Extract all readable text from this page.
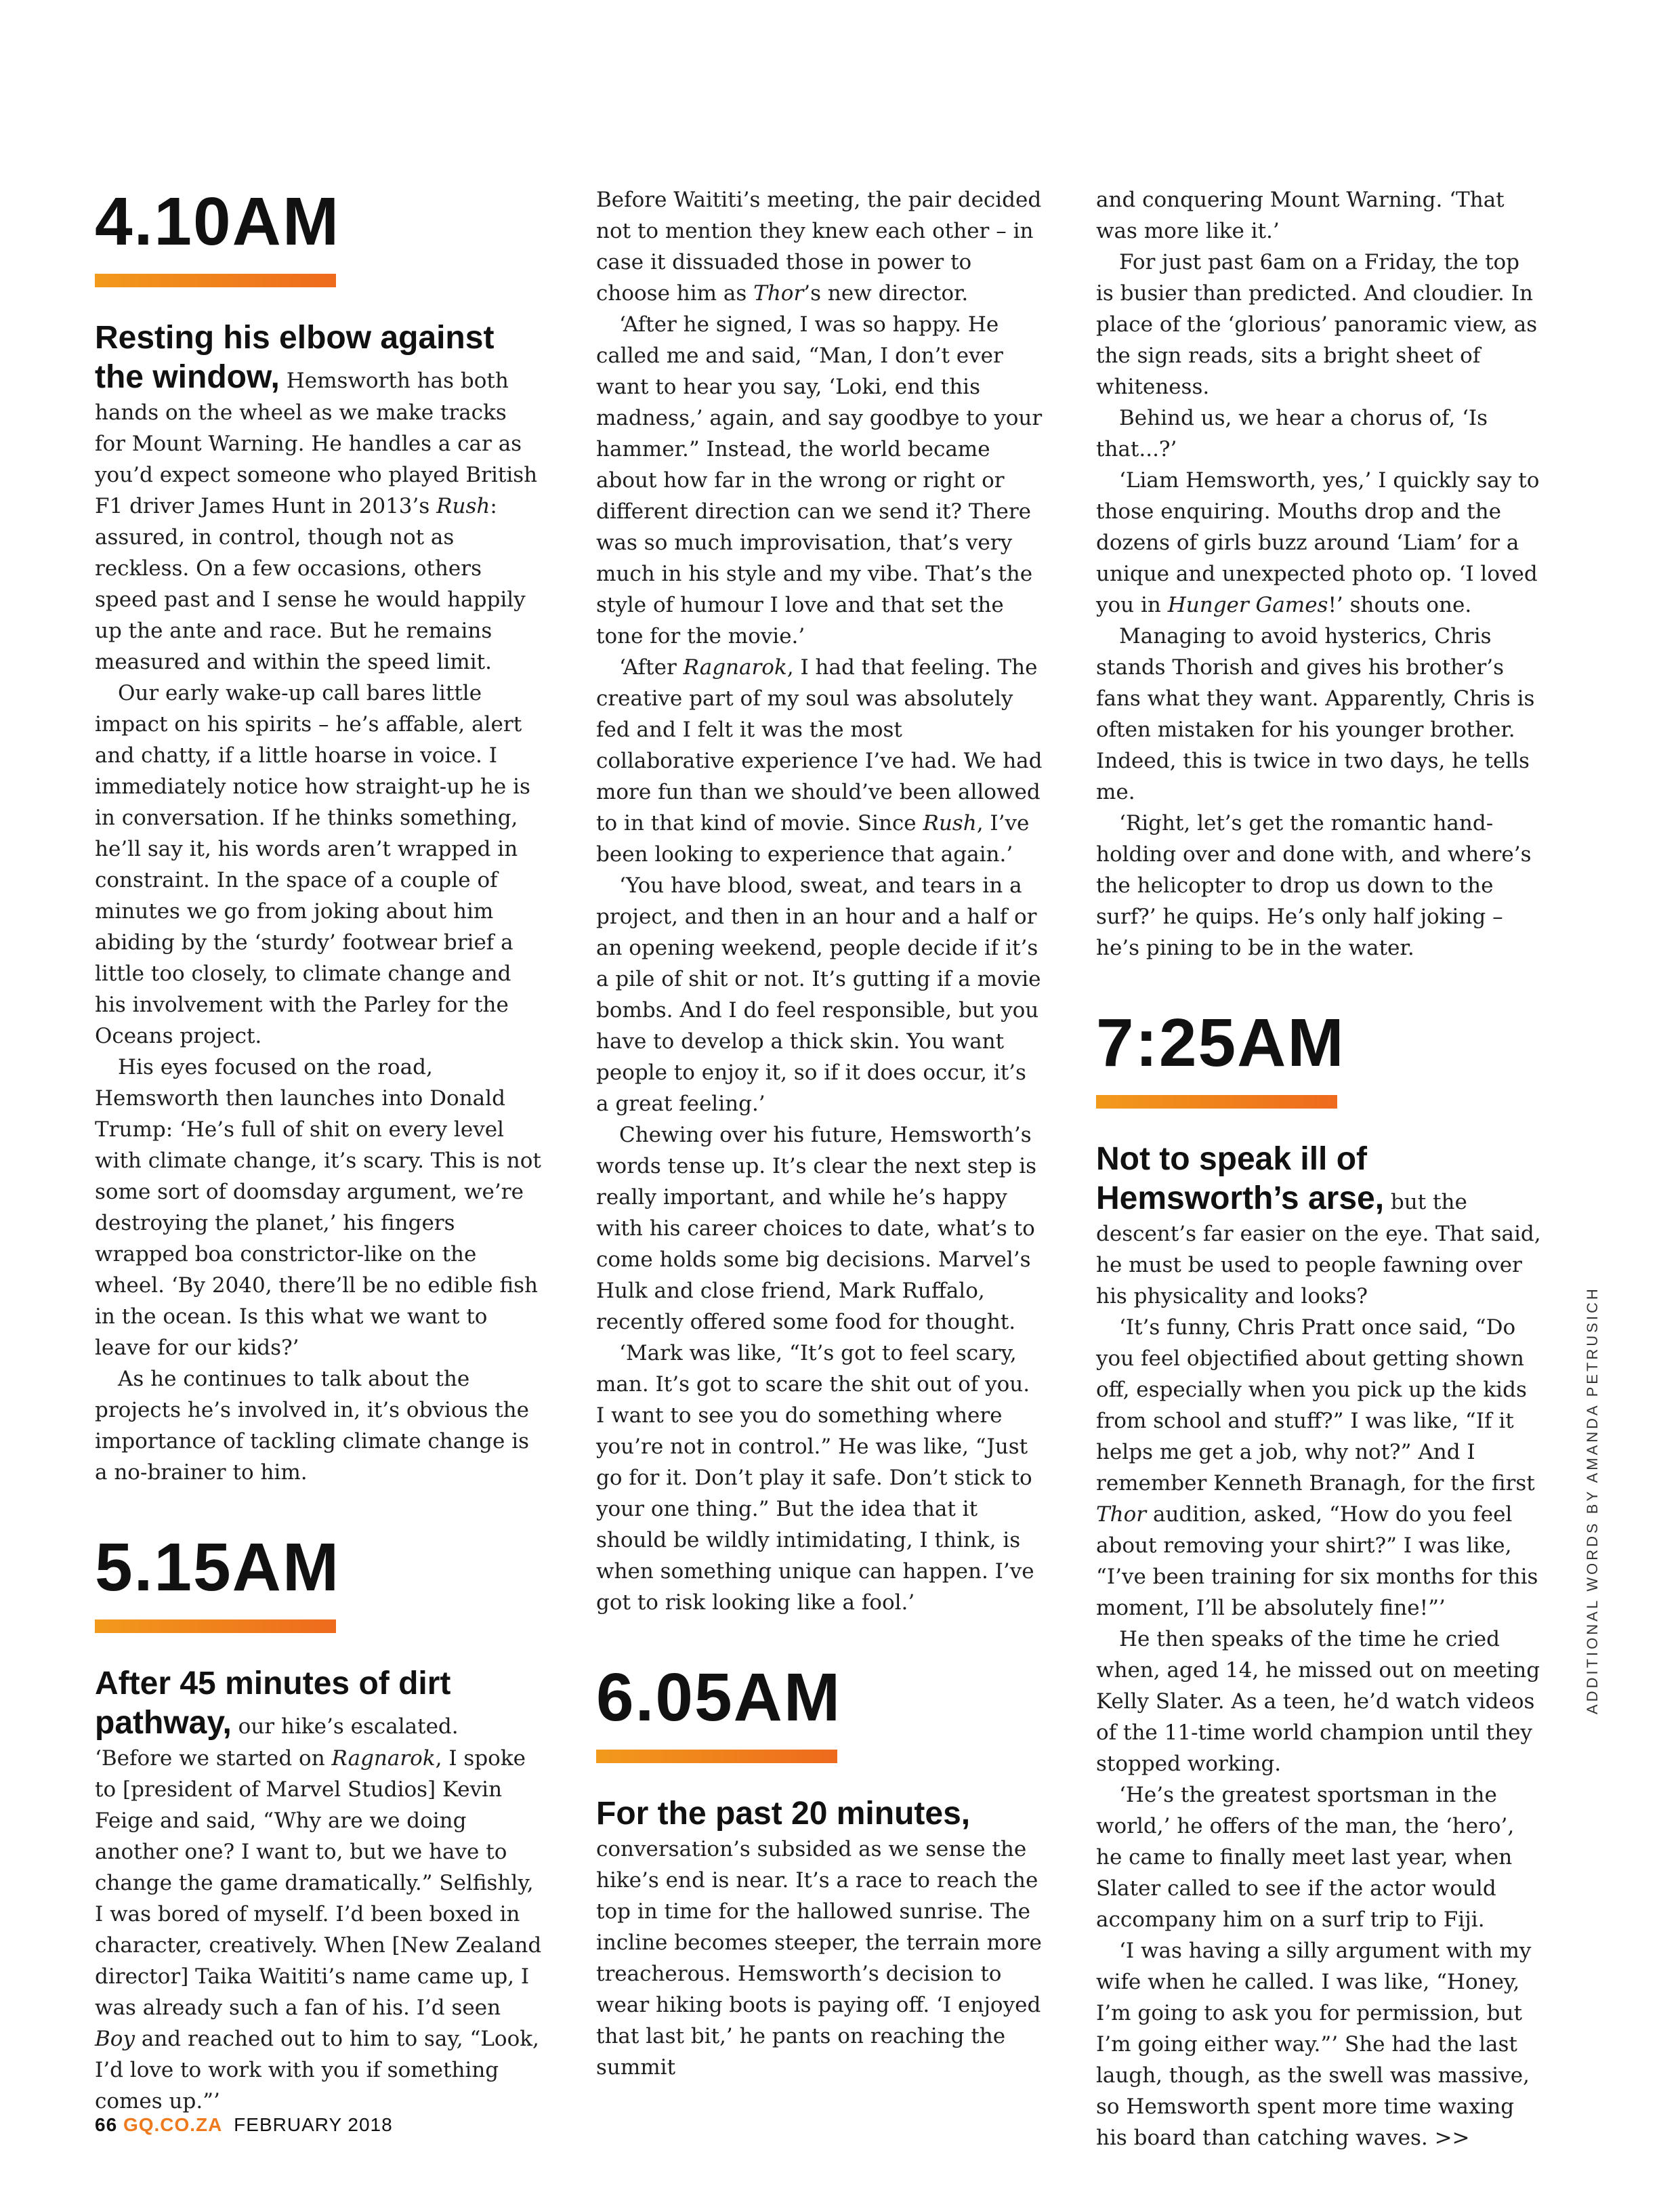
4.10AM

Resting his elbow against the window, Hemsworth has both hands on the wheel as we make tracks for Mount Warning. He handles a car as you’d expect someone who played British F1 driver James Hunt in 2013’s Rush: assured, in control, though not as reckless. On a few occasions, others speed past and I sense he would happily up the ante and race. But he remains measured and within the speed limit.

Our early wake-up call bares little impact on his spirits – he’s affable, alert and chatty, if a little hoarse in voice. I immediately notice how straight-up he is in conversation. If he thinks something, he’ll say it, his words aren’t wrapped in constraint. In the space of a couple of minutes we go from joking about him abiding by the ‘sturdy’ footwear brief a little too closely, to climate change and his involvement with the Parley for the Oceans project.

His eyes focused on the road, Hemsworth then launches into Donald Trump: ‘He’s full of shit on every level with climate change, it’s scary. This is not some sort of doomsday argument, we’re destroying the planet,’ his fingers wrapped boa constrictor-like on the wheel. ‘By 2040, there’ll be no edible fish in the ocean. Is this what we want to leave for our kids?’

As he continues to talk about the projects he’s involved in, it’s obvious the importance of tackling climate change is a no-brainer to him.

5.15AM

After 45 minutes of dirt pathway, our hike’s escalated. ‘Before we started on Ragnarok, I spoke to [president of Marvel Studios] Kevin Feige and said, “Why are we doing another one? I want to, but we have to change the game dramatically.” Selfishly, I was bored of myself. I’d been boxed in character, creatively. When [New Zealand director] Taika Waititi’s name came up, I was already such a fan of his. I’d seen Boy and reached out to him to say, “Look, I’d love to work with you if something comes up.”’

Before Waititi’s meeting, the pair decided not to mention they knew each other – in case it dissuaded those in power to choose him as Thor’s new director.

‘After he signed, I was so happy. He called me and said, “Man, I don’t ever want to hear you say, ‘Loki, end this madness,’ again, and say goodbye to your hammer.” Instead, the world became about how far in the wrong or right or different direction can we send it? There was so much improvisation, that’s very much in his style and my vibe. That’s the style of humour I love and that set the tone for the movie.’

‘After Ragnarok, I had that feeling. The creative part of my soul was absolutely fed and I felt it was the most collaborative experience I’ve had. We had more fun than we should’ve been allowed to in that kind of movie. Since Rush, I’ve been looking to experience that again.’

‘You have blood, sweat, and tears in a project, and then in an hour and a half or an opening weekend, people decide if it’s a pile of shit or not. It’s gutting if a movie bombs. And I do feel responsible, but you have to develop a thick skin. You want people to enjoy it, so if it does occur, it’s a great feeling.’

Chewing over his future, Hemsworth’s words tense up. It’s clear the next step is really important, and while he’s happy with his career choices to date, what’s to come holds some big decisions. Marvel’s Hulk and close friend, Mark Ruffalo, recently offered some food for thought.

‘Mark was like, “It’s got to feel scary, man. It’s got to scare the shit out of you. I want to see you do something where you’re not in control.” He was like, “Just go for it. Don’t play it safe. Don’t stick to your one thing.” But the idea that it should be wildly intimidating, I think, is when something unique can happen. I’ve got to risk looking like a fool.’

6.05AM

For the past 20 minutes,
conversation’s subsided as we sense the hike’s end is near. It’s a race to reach the top in time for the hallowed sunrise. The incline becomes steeper, the terrain more treacherous. Hemsworth’s decision to wear hiking boots is paying off. ‘I enjoyed that last bit,’ he pants on reaching the summit

and conquering Mount Warning. ‘That was more like it.’

For just past 6am on a Friday, the top is busier than predicted. And cloudier. In place of the ‘glorious’ panoramic view, as the sign reads, sits a bright sheet of whiteness.

Behind us, we hear a chorus of, ‘Is that...?’

‘Liam Hemsworth, yes,’ I quickly say to those enquiring. Mouths drop and the dozens of girls buzz around ‘Liam’ for a unique and unexpected photo op. ‘I loved you in Hunger Games!’ shouts one.

Managing to avoid hysterics, Chris stands Thorish and gives his brother’s fans what they want. Apparently, Chris is often mistaken for his younger brother. Indeed, this is twice in two days, he tells me.

‘Right, let’s get the romantic hand-holding over and done with, and where’s the helicopter to drop us down to the surf?’ he quips. He’s only half joking – he’s pining to be in the water.

7:25AM

Not to speak ill of Hemsworth’s arse, but the descent’s far easier on the eye. That said, he must be used to people fawning over his physicality and looks?

‘It’s funny, Chris Pratt once said, “Do you feel objectified about getting shown off, especially when you pick up the kids from school and stuff?” I was like, “If it helps me get a job, why not?” And I remember Kenneth Branagh, for the first Thor audition, asked, “How do you feel about removing your shirt?” I was like, “I’ve been training for six months for this moment, I’ll be absolutely fine!”’

He then speaks of the time he cried when, aged 14, he missed out on meeting Kelly Slater. As a teen, he’d watch videos of the 11-time world champion until they stopped working.

‘He’s the greatest sportsman in the world,’ he offers of the man, the ‘hero’, he came to finally meet last year, when Slater called to see if the actor would accompany him on a surf trip to Fiji.

‘I was having a silly argument with my wife when he called. I was like, “Honey, I’m going to ask you for permission, but I’m going either way.”’ She had the last laugh, though, as the swell was massive, so Hemsworth spent more time waxing his board than catching waves. >>

ADDITIONAL WORDS BY AMANDA PETRUSICH
66 GQ.CO.ZA FEBRUARY 2018
